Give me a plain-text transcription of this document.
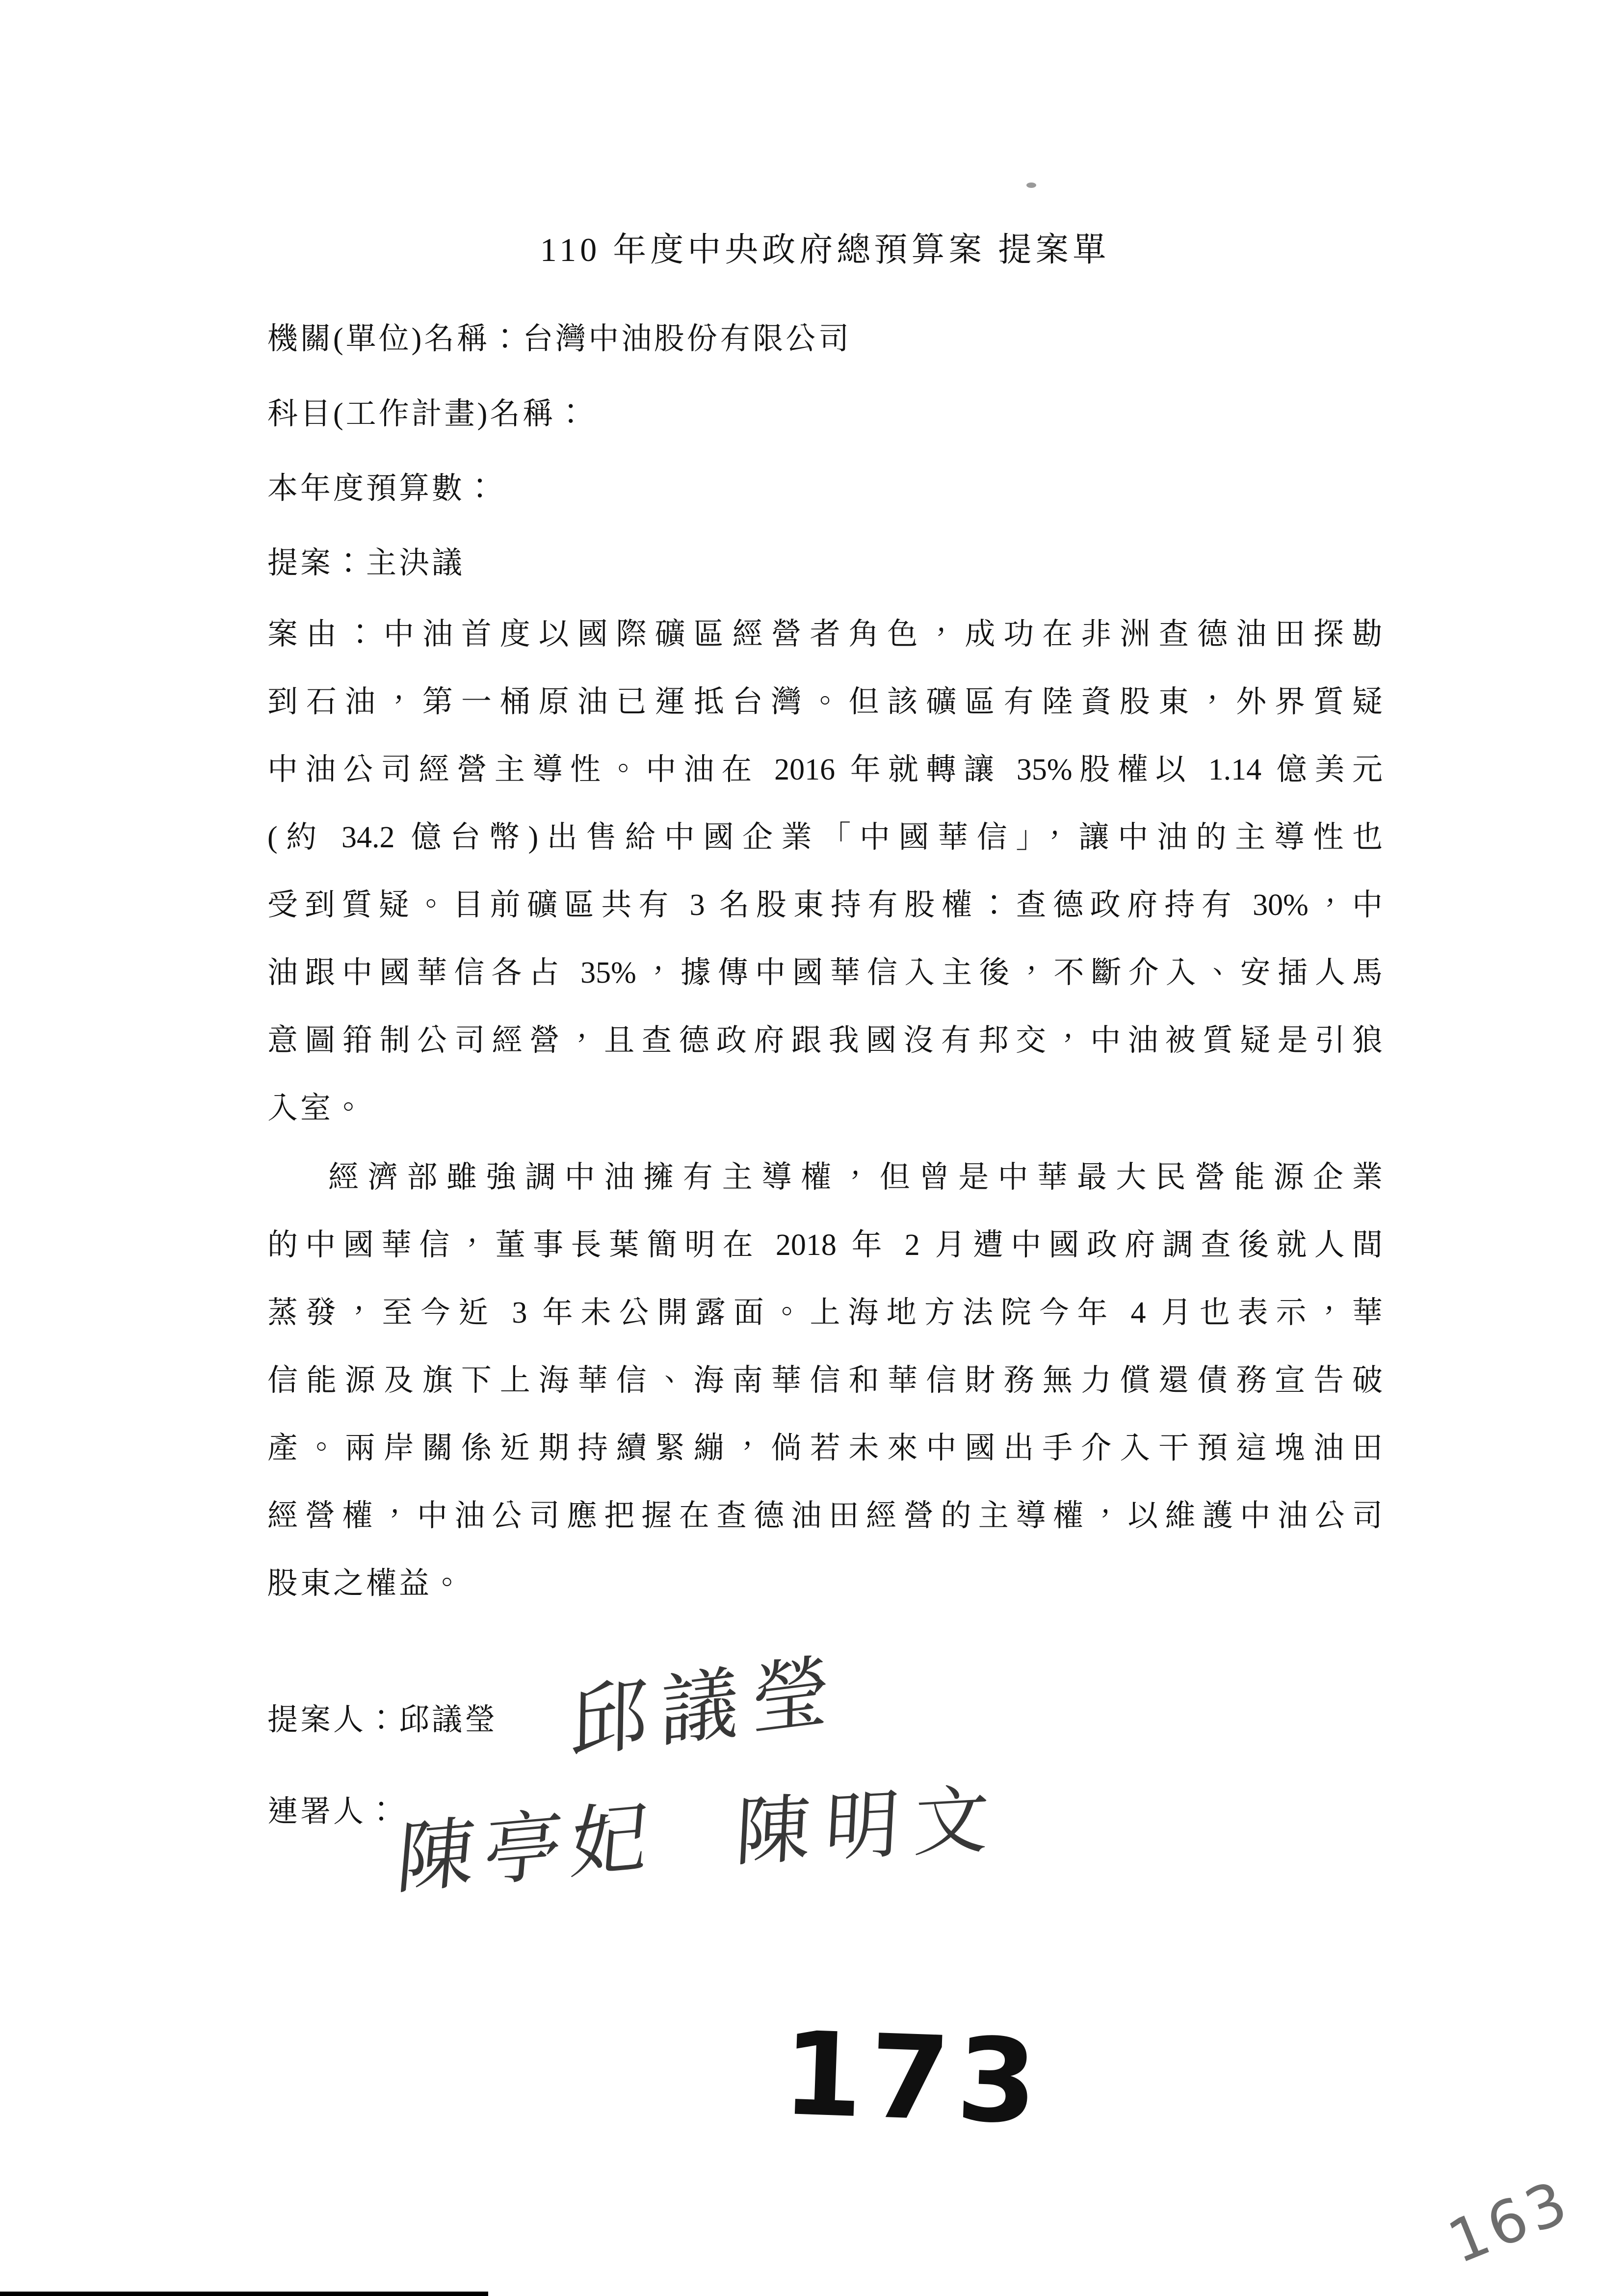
110 年度中央政府總預算案 提案單
機關(單位)名稱：台灣中油股份有限公司
科目(工作計畫)名稱：
本年度預算數：
提案：主決議
案由：中油首度以國際礦區經營者角色，成功在非洲查德油田探勘
到石油，第一桶原油已運抵台灣。但該礦區有陸資股東，外界質疑
中油公司經營主導性。中油在 2016 年就轉讓 35%股權以 1.14 億美元
(約 34.2 億台幣)出售給中國企業「中國華信」，讓中油的主導性也
受到質疑。目前礦區共有 3 名股東持有股權：查德政府持有 30%，中
油跟中國華信各占 35%，據傳中國華信入主後，不斷介入、安插人馬
意圖箝制公司經營，且查德政府跟我國沒有邦交，中油被質疑是引狼
入室。
經濟部雖強調中油擁有主導權，但曾是中華最大民營能源企業
的中國華信，董事長葉簡明在 2018 年 2 月遭中國政府調查後就人間
蒸發，至今近 3 年未公開露面。上海地方法院今年 4 月也表示，華
信能源及旗下上海華信、海南華信和華信財務無力償還債務宣告破
產。兩岸關係近期持續緊繃，倘若未來中國出手介入干預這塊油田
經營權，中油公司應把握在查德油田經營的主導權，以維護中油公司
股東之權益。
提案人：邱議瑩
連署人：
邱議瑩
陳亭妃 陳明文
173
163
